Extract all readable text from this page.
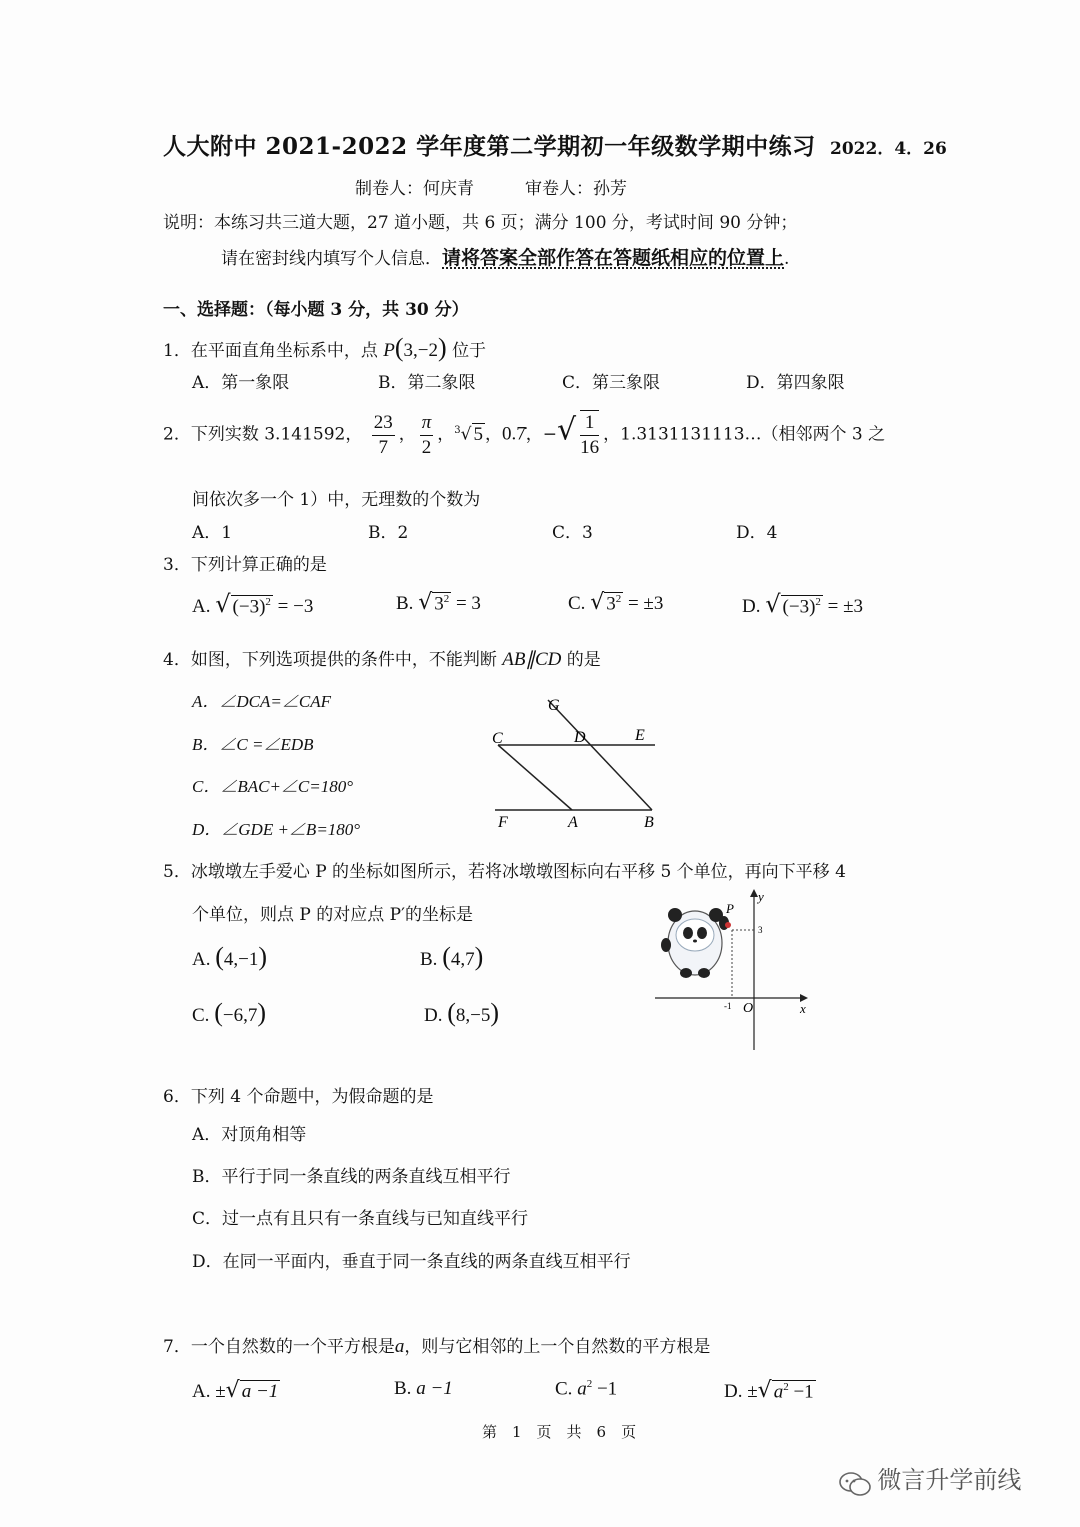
人大附中 2021-2022 学年度第二学期初一年级数学期中练习 2022．4．26
制卷人：何庆青　　　审卷人：孙芳
说明：本练习共三道大题，27 道小题，共 6 页；满分 100 分，考试时间 90 分钟；
请在密封线内填写个人信息．请将答案全部作答在答题纸相应的位置上.
一、选择题：（每小题 3 分，共 30 分）
1．在平面直角坐标系中，点 P(3,−2) 位于
A．第一象限	B．第二象限	C．第三象限	D．第四象限
2．下列实数 3.141592， $\frac{23}{7}$ ， $\frac{\pi}{2}$ ，$^3$√ 5 ，0.7̇，−√ $\frac{1}{16}$ ，1.3131131113…（相邻两个 3 之
间依次多一个 1）中，无理数的个数为
A．1	B．2	C．3	D．4
3．下列计算正确的是
A. √ $(-3)^2 = -3$	B. √ $3^2 = 3$	C. √ $3^2 = \pm 3$	D. √ $(-3)^2 = \pm 3$
4．如图，下列选项提供的条件中，不能判断 AB∥CD 的是
A．∠DCA=∠CAF
B．∠C =∠EDB
C．∠BAC+∠C=180°
D．∠GDE +∠B=180°
G
C	D	E
F	A	B
5．冰墩墩左手爱心 P 的坐标如图所示，若将冰墩墩图标向右平移 5 个单位，再向下平移 4
个单位，则点 P 的对应点 P′的坐标是
A. (4,−1)	B. (4,7)
C. (−6,7)	D. (8,−5)
P
y
x
O
3
-1
6．下列 4 个命题中，为假命题的是
A．对顶角相等
B．平行于同一条直线的两条直线互相平行
C．过一点有且只有一条直线与已知直线平行
D．在同一平面内，垂直于同一条直线的两条直线互相平行
7．一个自然数的一个平方根是a，则与它相邻的上一个自然数的平方根是
A. ±√ a −1	B. a −1	C. $a^2 -1$	D. ±√ $a^2 -1$
第　1　页　共　6　页
微言升学前线
